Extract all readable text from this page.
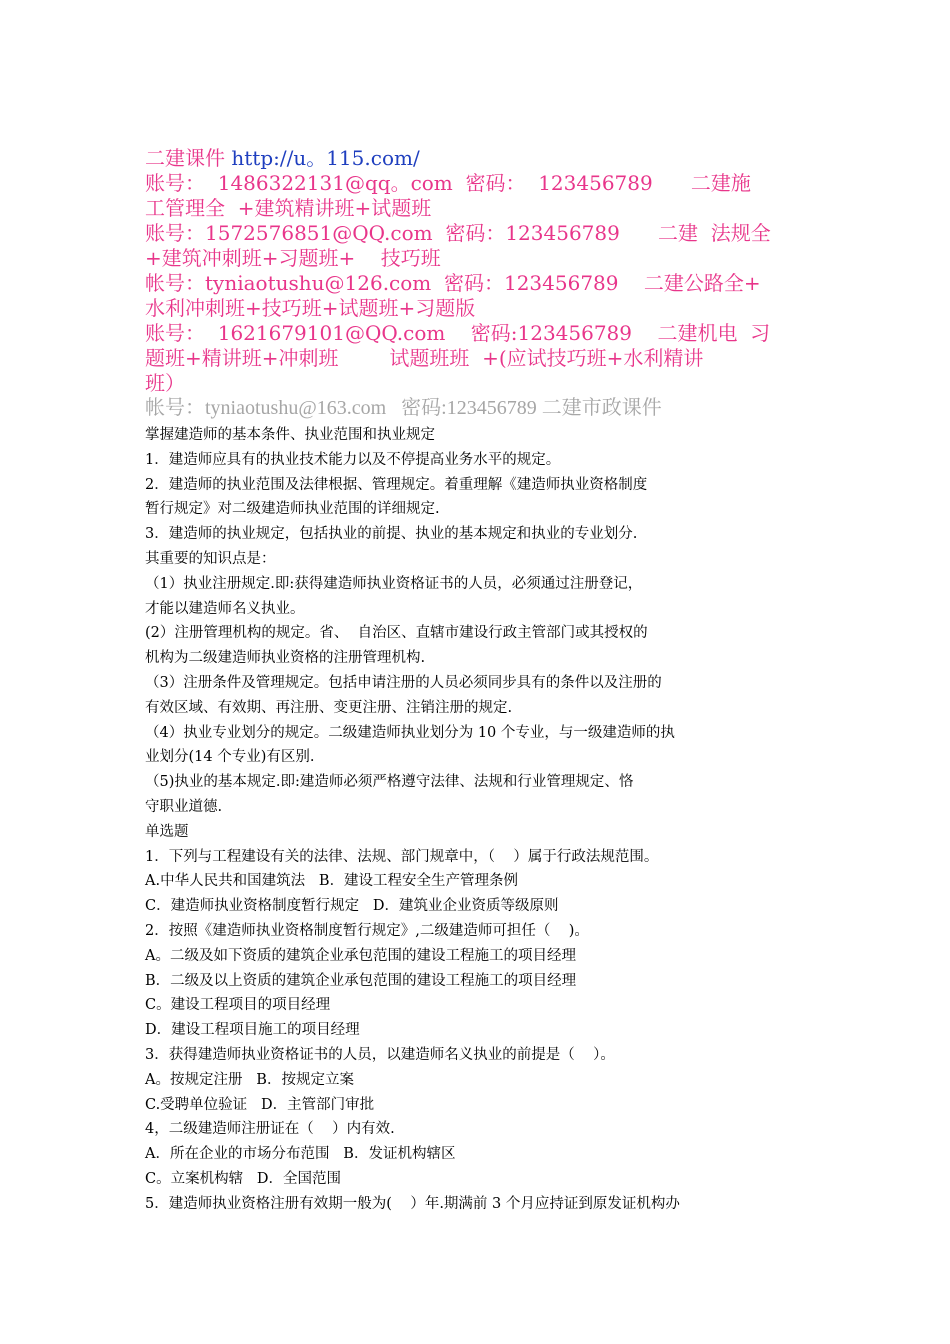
二建课件 http://u。115.com/
账号：  1486322131@qq。com  密码：  123456789      二建施
工管理全  +建筑精讲班+试题班
账号：1572576851@QQ.com  密码：123456789      二建  法规全
+建筑冲刺班+习题班+    技巧班
帐号：tyniaotushu@126.com  密码：123456789    二建公路全+
水利冲刺班+技巧班+试题班+习题版
账号：  1621679101@QQ.com    密码:123456789    二建机电  习
题班+精讲班+冲刺班        试题班班  +(应试技巧班+水利精讲
班）
帐号：tyniaotushu@163.com   密码:123456789 二建市政课件
掌握建造师的基本条件、执业范围和执业规定
1．建造师应具有的执业技术能力以及不停提高业务水平的规定。
2．建造师的执业范围及法律根据、管理规定。着重理解《建造师执业资格制度
暂行规定》对二级建造师执业范围的详细规定.
3．建造师的执业规定，包括执业的前提、执业的基本规定和执业的专业划分.
其重要的知识点是：
（1）执业注册规定.即:获得建造师执业资格证书的人员，必须通过注册登记，
才能以建造师名义执业。
(2）注册管理机构的规定。省、  自治区、直辖市建设行政主管部门或其授权的
机构为二级建造师执业资格的注册管理机构.
（3）注册条件及管理规定。包括申请注册的人员必须同步具有的条件以及注册的
有效区域、有效期、再注册、变更注册、注销注册的规定.
（4）执业专业划分的规定。二级建造师执业划分为 10 个专业，与一级建造师的执
业划分(14 个专业)有区别.
（5)执业的基本规定.即:建造师必须严格遵守法律、法规和行业管理规定、恪
守职业道德.
单选题
1．下列与工程建设有关的法律、法规、部门规章中，（    ）属于行政法规范围。
A.中华人民共和国建筑法   B．建设工程安全生产管理条例
C．建造师执业资格制度暂行规定   D．建筑业企业资质等级原则
2．按照《建造师执业资格制度暂行规定》,二级建造师可担任（    )。
A。二级及如下资质的建筑企业承包范围的建设工程施工的项目经理
B．二级及以上资质的建筑企业承包范围的建设工程施工的项目经理
C。建设工程项目的项目经理
D．建设工程项目施工的项目经理
3．获得建造师执业资格证书的人员，以建造师名义执业的前提是（    ）。
A。按规定注册   B．按规定立案
C.受聘单位验证   D．主管部门审批
4，二级建造师注册证在（    ）内有效.
A．所在企业的市场分布范围   B．发证机构辖区
C。立案机构辖   D．全国范围
5．建造师执业资格注册有效期一般为(    ）年.期满前 3 个月应持证到原发证机构办
